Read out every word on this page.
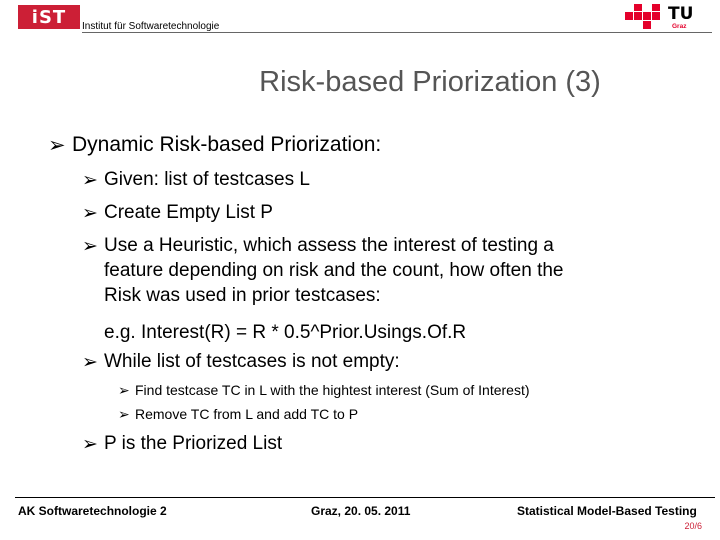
iST Institut für Softwaretechnologie
TU
Graz
Risk-based Priorization (3)
➢ Dynamic Risk-based Priorization:
➢ Given: list of testcases L
➢ Create Empty List P
➢ Use a Heuristic, which assess the interest of testing a
feature depending on risk and the count, how often the
Risk was used in prior testcases:
e.g. Interest(R) = R * 0.5^Prior.Usings.Of.R
➢ While list of testcases is not empty:
➢ Find testcase TC in L with the hightest interest (Sum of Interest)
➢ Remove TC from L and add TC to P
➢ P is the Priorized List
AK Softwaretechnologie 2	Graz, 20. 05. 2011	Statistical Model-Based Testing
20/6
